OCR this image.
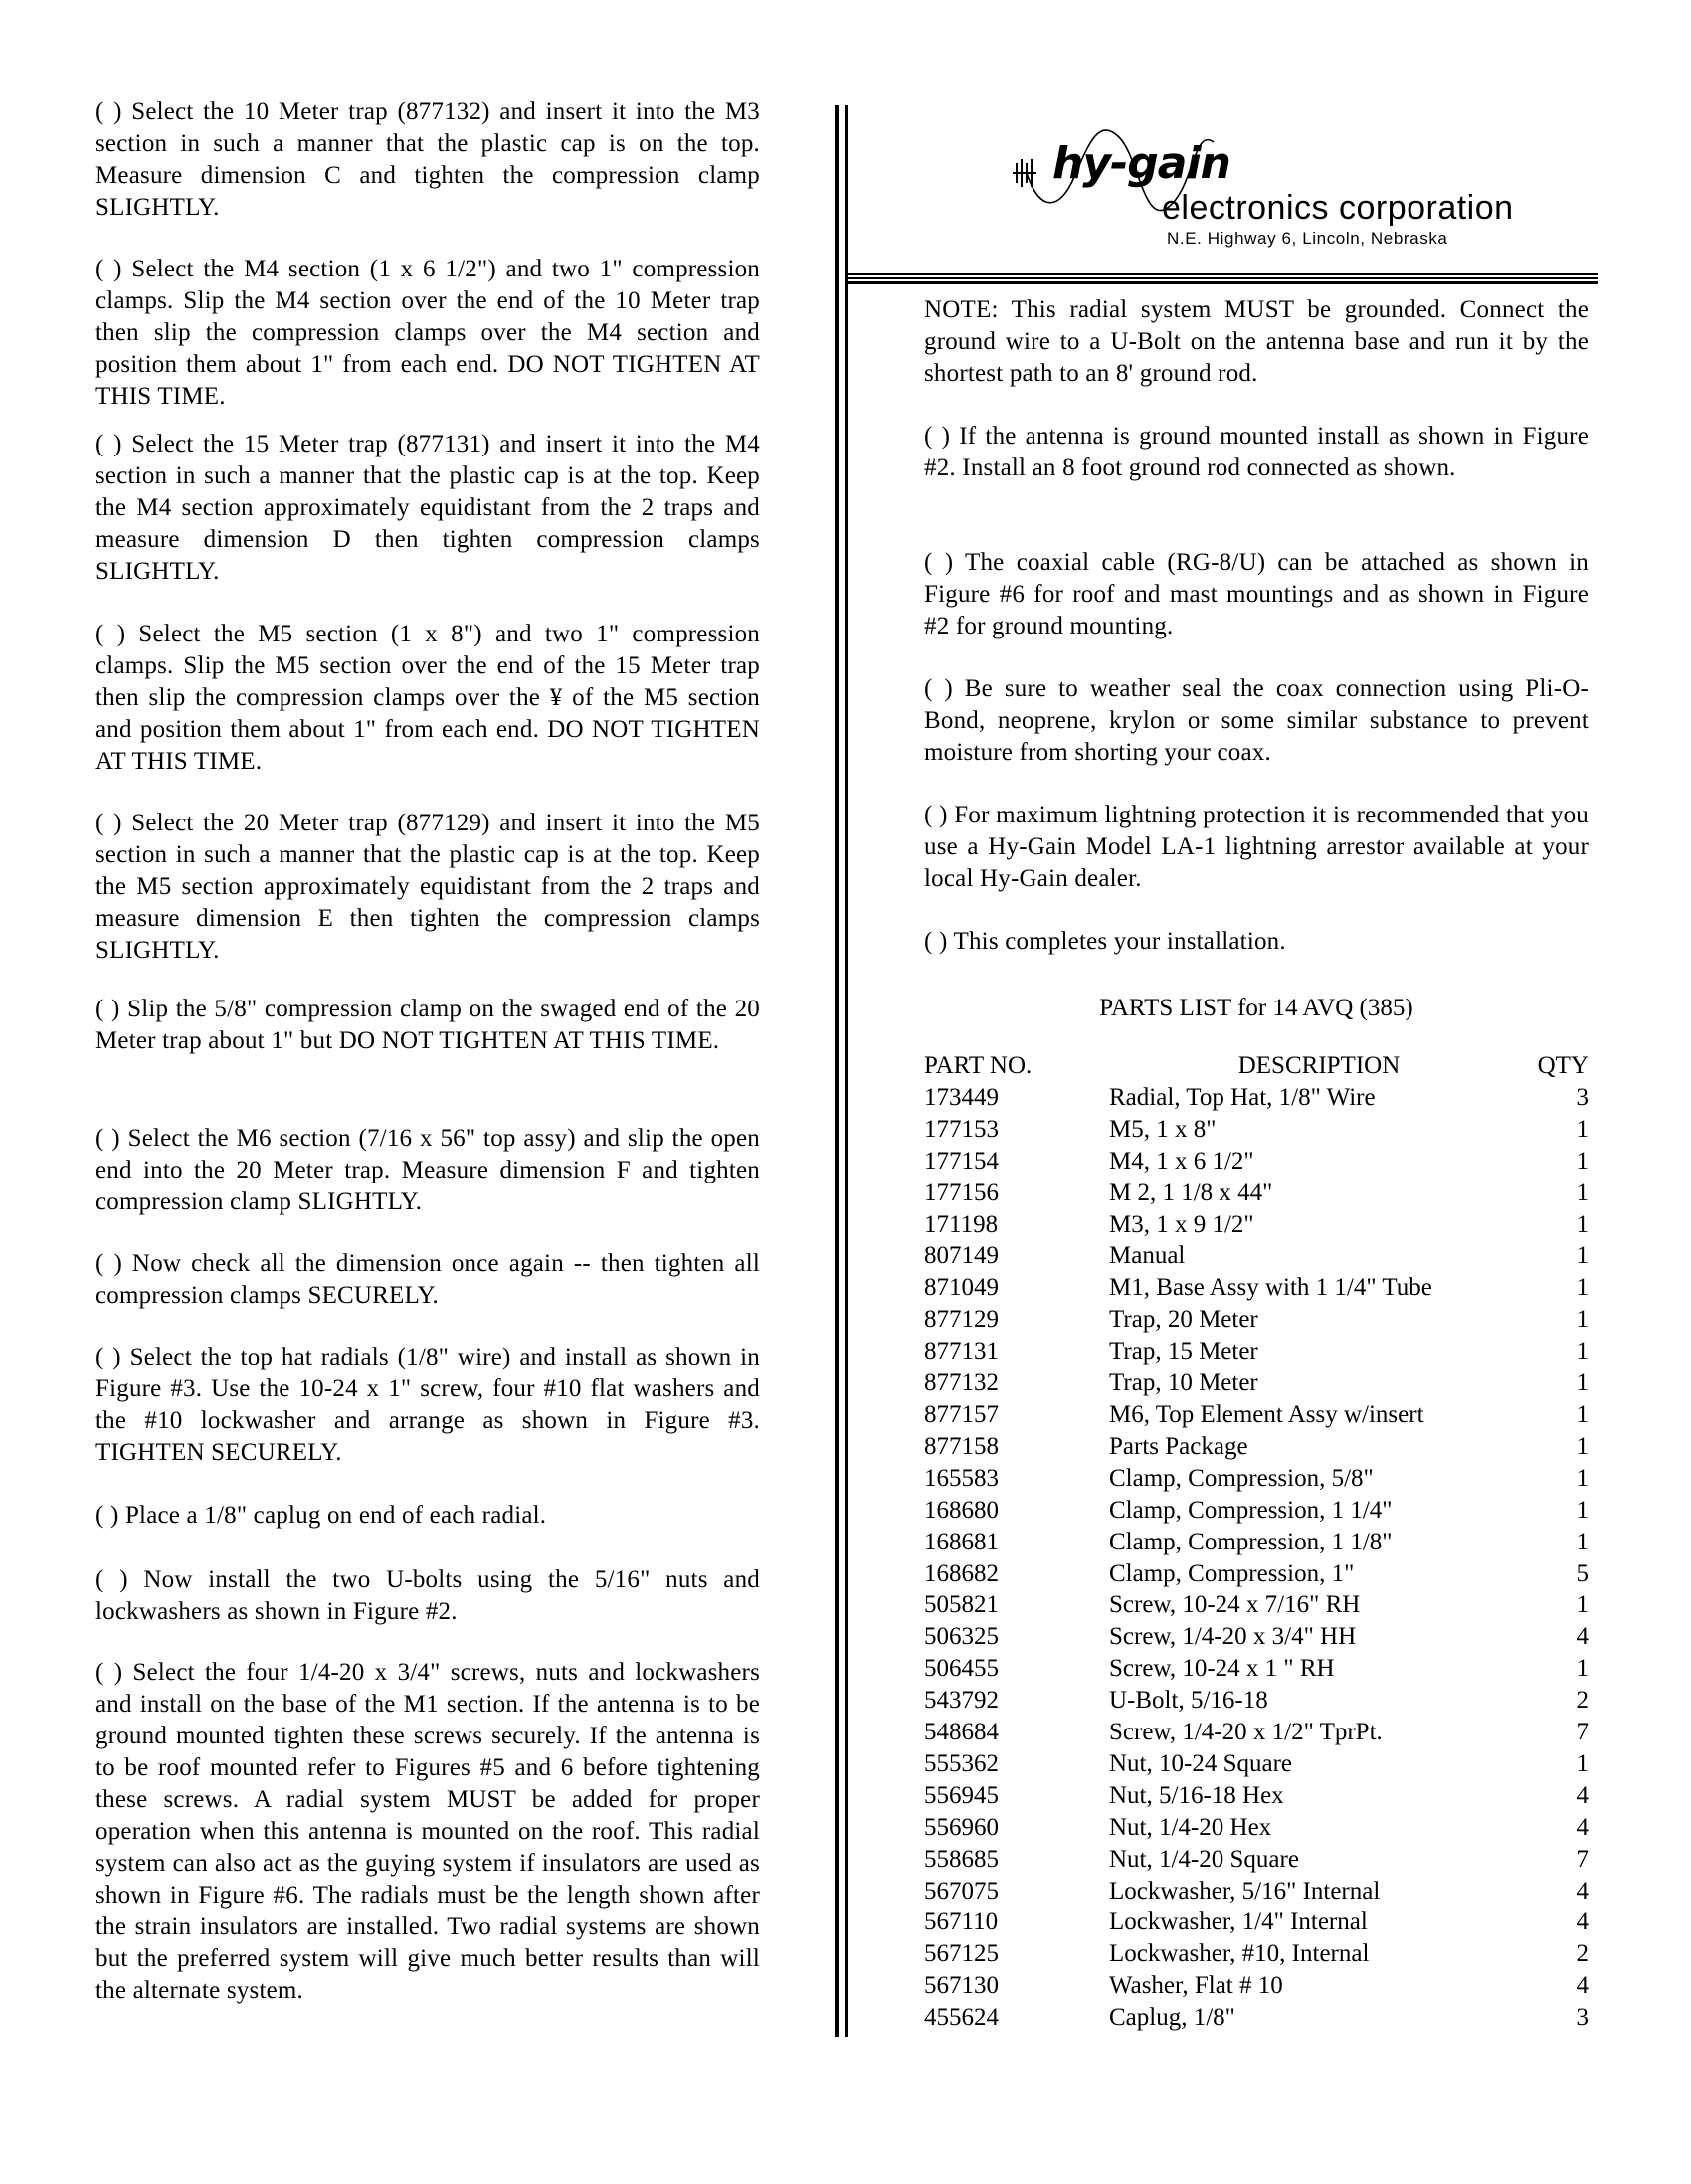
hy-gain
electronics corporation
N.E. Highway 6, Lincoln, Nebraska

( ) Select the 10 Meter trap (877132) and insert it into the M3 section in such a manner that the plastic cap is on the top. Measure dimension C and tighten the compression clamp SLIGHTLY.

( ) Select the M4 section (1 x 6 1/2") and two 1" compression clamps. Slip the M4 section over the end of the 10 Meter trap then slip the compression clamps over the M4 section and position them about 1" from each end. DO NOT TIGHTEN AT THIS TIME.

( ) Select the 15 Meter trap (877131) and insert it into the M4 section in such a manner that the plastic cap is at the top. Keep the M4 section approximately equidistant from the 2 traps and measure dimension D then tighten compression clamps SLIGHTLY.

( ) Select the M5 section (1 x 8") and two 1" compression clamps. Slip the M5 section over the end of the 15 Meter trap then slip the compression clamps over the ¥ of the M5 section and position them about 1" from each end. DO NOT TIGHTEN AT THIS TIME.

( ) Select the 20 Meter trap (877129) and insert it into the M5 section in such a manner that the plastic cap is at the top. Keep the M5 section approximately equidistant from the 2 traps and measure dimension E then tighten the compression clamps SLIGHTLY.

( ) Slip the 5/8" compression clamp on the swaged end of the 20 Meter trap about 1" but DO NOT TIGHTEN AT THIS TIME.

( ) Select the M6 section (7/16 x 56" top assy) and slip the open end into the 20 Meter trap. Measure dimension F and tighten compression clamp SLIGHTLY.

( ) Now check all the dimension once again -- then tighten all compression clamps SECURELY.

( ) Select the top hat radials (1/8" wire) and install as shown in Figure #3. Use the 10-24 x 1" screw, four #10 flat washers and the #10 lockwasher and arrange as shown in Figure #3. TIGHTEN SECURELY.

( ) Place a 1/8" caplug on end of each radial.

( ) Now install the two U-bolts using the 5/16" nuts and lockwashers as shown in Figure #2.

( ) Select the four 1/4-20 x 3/4" screws, nuts and lockwashers and install on the base of the M1 section. If the antenna is to be ground mounted tighten these screws securely. If the antenna is to be roof mounted refer to Figures #5 and 6 before tightening these screws. A radial system MUST be added for proper operation when this antenna is mounted on the roof. This radial system can also act as the guying system if insulators are used as shown in Figure #6. The radials must be the length shown after the strain insulators are installed. Two radial systems are shown but the preferred system will give much better results than will the alternate system.

NOTE: This radial system MUST be grounded. Connect the ground wire to a U-Bolt on the antenna base and run it by the shortest path to an 8' ground rod.

( ) If the antenna is ground mounted install as shown in Figure #2. Install an 8 foot ground rod connected as shown.

( ) The coaxial cable (RG-8/U) can be attached as shown in Figure #6 for roof and mast mountings and as shown in Figure #2 for ground mounting.

( ) Be sure to weather seal the coax connection using Pli-O-Bond, neoprene, krylon or some similar substance to prevent moisture from shorting your coax.

( ) For maximum lightning protection it is recommended that you use a Hy-Gain Model LA-1 lightning arrestor available at your local Hy-Gain dealer.

( ) This completes your installation.

PARTS LIST for 14 AVQ (385)
PART NO.	DESCRIPTION	QTY
173449	Radial, Top Hat, 1/8" Wire	3
177153	M5, 1 x 8"	1
177154	M4, 1 x 6 1/2"	1
177156	M 2, 1 1/8 x 44"	1
171198	M3, 1 x 9 1/2"	1
807149	Manual	1
871049	M1, Base Assy with 1 1/4" Tube	1
877129	Trap, 20 Meter	1
877131	Trap, 15 Meter	1
877132	Trap, 10 Meter	1
877157	M6, Top Element Assy w/insert	1
877158	Parts Package	1
165583	Clamp, Compression, 5/8"	1
168680	Clamp, Compression, 1 1/4"	1
168681	Clamp, Compression, 1 1/8"	1
168682	Clamp, Compression, 1"	5
505821	Screw, 10-24 x 7/16" RH	1
506325	Screw, 1/4-20 x 3/4" HH	4
506455	Screw, 10-24 x 1 " RH	1
543792	U-Bolt, 5/16-18	2
548684	Screw, 1/4-20 x 1/2" TprPt.	7
555362	Nut, 10-24 Square	1
556945	Nut, 5/16-18 Hex	4
556960	Nut, 1/4-20 Hex	4
558685	Nut, 1/4-20 Square	7
567075	Lockwasher, 5/16" Internal	4
567110	Lockwasher, 1/4" Internal	4
567125	Lockwasher, #10, Internal	2
567130	Washer, Flat # 10	4
455624	Caplug, 1/8"	3
